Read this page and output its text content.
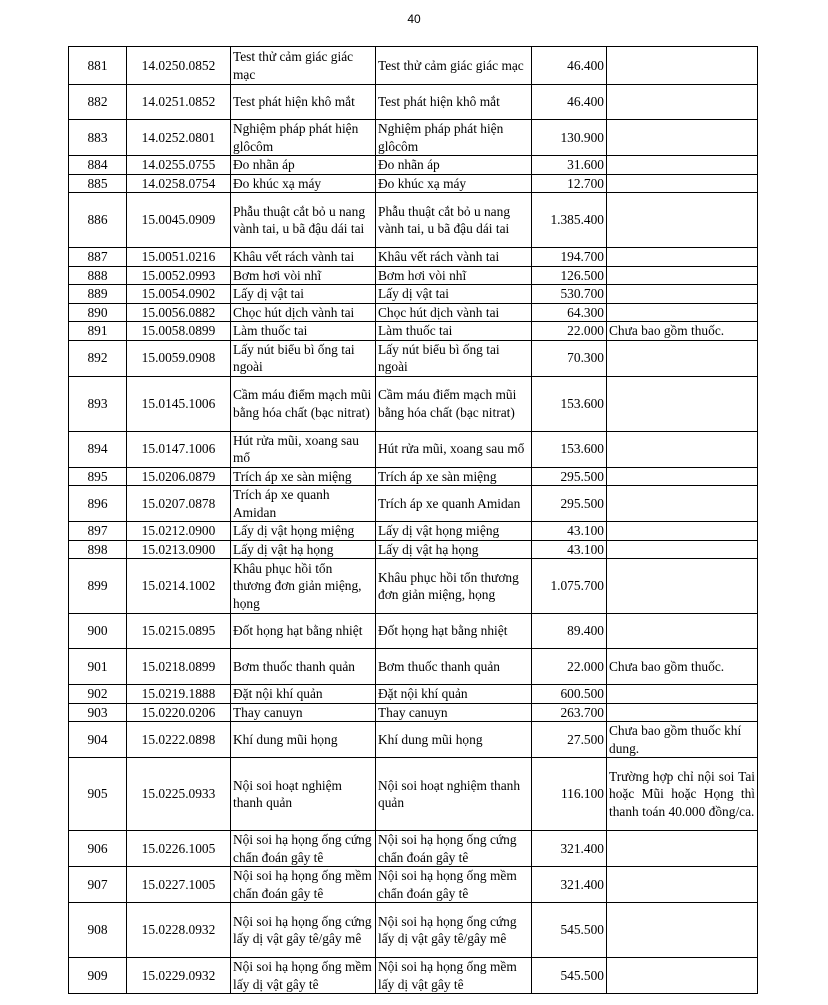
40
881	14.0250.0852	Test thử cảm giác giác mạc	Test thử cảm giác giác mạc	46.400	
882	14.0251.0852	Test phát hiện khô mắt	Test phát hiện khô mắt	46.400	
883	14.0252.0801	Nghiệm pháp phát hiện glôcôm	Nghiệm pháp phát hiện glôcôm	130.900	
884	14.0255.0755	Đo nhãn áp	Đo nhãn áp	31.600	
885	14.0258.0754	Đo khúc xạ máy	Đo khúc xạ máy	12.700	
886	15.0045.0909	Phẫu thuật cắt bỏ u nang vành tai, u bã đậu dái tai	Phẫu thuật cắt bỏ u nang vành tai, u bã đậu dái tai	1.385.400	
887	15.0051.0216	Khâu vết rách vành tai	Khâu vết rách vành tai	194.700	
888	15.0052.0993	Bơm hơi vòi nhĩ	Bơm hơi vòi nhĩ	126.500	
889	15.0054.0902	Lấy dị vật tai	Lấy dị vật tai	530.700	
890	15.0056.0882	Chọc hút dịch vành tai	Chọc hút dịch vành tai	64.300	
891	15.0058.0899	Làm thuốc tai	Làm thuốc tai	22.000	Chưa bao gồm thuốc.
892	15.0059.0908	Lấy nút biểu bì ống tai ngoài	Lấy nút biểu bì ống tai ngoài	70.300	
893	15.0145.1006	Cầm máu điểm mạch mũi bằng hóa chất (bạc nitrat)	Cầm máu điểm mạch mũi bằng hóa chất (bạc nitrat)	153.600	
894	15.0147.1006	Hút rửa mũi, xoang sau mổ	Hút rửa mũi, xoang sau mổ	153.600	
895	15.0206.0879	Trích áp xe sàn miệng	Trích áp xe sàn miệng	295.500	
896	15.0207.0878	Trích áp xe quanh Amidan	Trích áp xe quanh Amidan	295.500	
897	15.0212.0900	Lấy dị vật họng miệng	Lấy dị vật họng miệng	43.100	
898	15.0213.0900	Lấy dị vật hạ họng	Lấy dị vật hạ họng	43.100	
899	15.0214.1002	Khâu phục hồi tổn thương đơn giản miệng, họng	Khâu phục hồi tổn thương đơn giản miệng, họng	1.075.700	
900	15.0215.0895	Đốt họng hạt bằng nhiệt	Đốt họng hạt bằng nhiệt	89.400	
901	15.0218.0899	Bơm thuốc thanh quản	Bơm thuốc thanh quản	22.000	Chưa bao gồm thuốc.
902	15.0219.1888	Đặt nội khí quản	Đặt nội khí quản	600.500	
903	15.0220.0206	Thay canuyn	Thay canuyn	263.700	
904	15.0222.0898	Khí dung mũi họng	Khí dung mũi họng	27.500	Chưa bao gồm thuốc khí dung.
905	15.0225.0933	Nội soi hoạt nghiệm thanh quản	Nội soi hoạt nghiệm thanh quản	116.100	Trường hợp chỉ nội soi Tai hoặc Mũi hoặc Họng thì thanh toán 40.000 đồng/ca.
906	15.0226.1005	Nội soi hạ họng ống cứng chẩn đoán gây tê	Nội soi hạ họng ống cứng chẩn đoán gây tê	321.400	
907	15.0227.1005	Nội soi hạ họng ống mềm chẩn đoán gây tê	Nội soi hạ họng ống mềm chẩn đoán gây tê	321.400	
908	15.0228.0932	Nội soi hạ họng ống cứng lấy dị vật gây tê/gây mê	Nội soi hạ họng ống cứng lấy dị vật gây tê/gây mê	545.500	
909	15.0229.0932	Nội soi hạ họng ống mềm lấy dị vật gây tê	Nội soi hạ họng ống mềm lấy dị vật gây tê	545.500	
